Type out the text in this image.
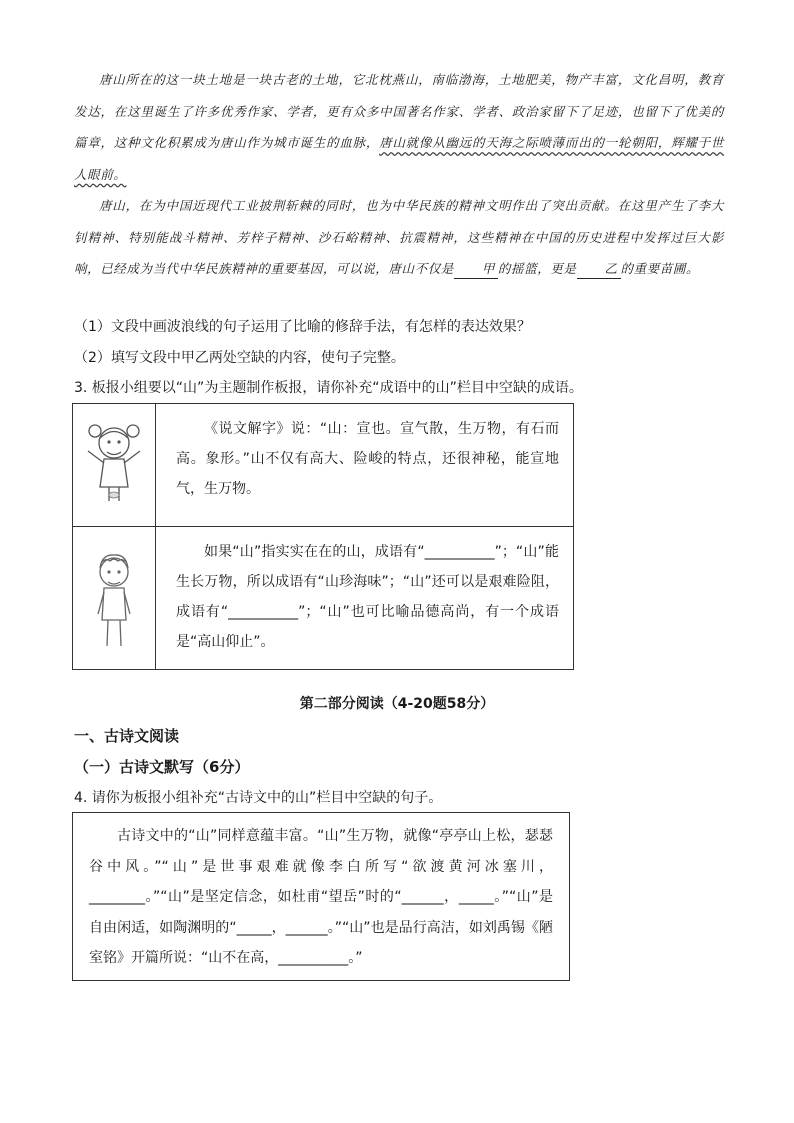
唐山所在的这一块土地是一块古老的土地，它北枕燕山，南临渤海，土地肥美，物产丰富，文化昌明，教育发达，在这里诞生了许多优秀作家、学者，更有众多中国著名作家、学者、政治家留下了足迹，也留下了优美的篇章，这种文化积累成为唐山作为城市诞生的血脉，唐山就像从幽远的天海之际喷薄而出的一轮朝阳，辉耀于世人眼前。

唐山，在为中国近现代工业披荆斩棘的同时，也为中华民族的精神文明作出了突出贡献。在这里产生了李大钊精神、特别能战斗精神、芳梓子精神、沙石峪精神、抗震精神，这些精神在中国的历史进程中发挥过巨大影响，已经成为当代中华民族精神的重要基因，可以说，唐山不仅是 甲 的摇篮，更是 乙 的重要苗圃。

（1）文段中画波浪线的句子运用了比喻的修辞手法，有怎样的表达效果？
（2）填写文段中甲乙两处空缺的内容，使句子完整。
3. 板报小组要以“山”为主题制作板报，请你补充“成语中的山”栏目中空缺的成语。

《说文解字》说：“山：宣也。宣气散，生万物，有石而高。象形。”山不仅有高大、险峻的特点，还很神秘，能宣地气，生万物。

如果“山”指实实在在的山，成语有“__________”；“山”能生长万物，所以成语有“山珍海味”；“山”还可以是艰难险阻，成语有“__________”；“山”也可比喻品德高尚，有一个成语是“高山仰止”。

第二部分阅读（4-20题58分）
一、古诗文阅读
（一）古诗文默写（6分）
4. 请你为板报小组补充“古诗文中的山”栏目中空缺的句子。

古诗文中的“山”同样意蕴丰富。“山”生万物，就像“亭亭山上松，瑟瑟谷中风。”“山”是世事艰难就像李白所写“欲渡黄河冰塞川，________。”“山”是坚定信念，如杜甫“望岳”时的“______，_____。”“山”是自由闲适，如陶渊明的“_____，______。”“山”也是品行高洁，如刘禹锡《陋室铭》开篇所说：“山不在高，__________。”
